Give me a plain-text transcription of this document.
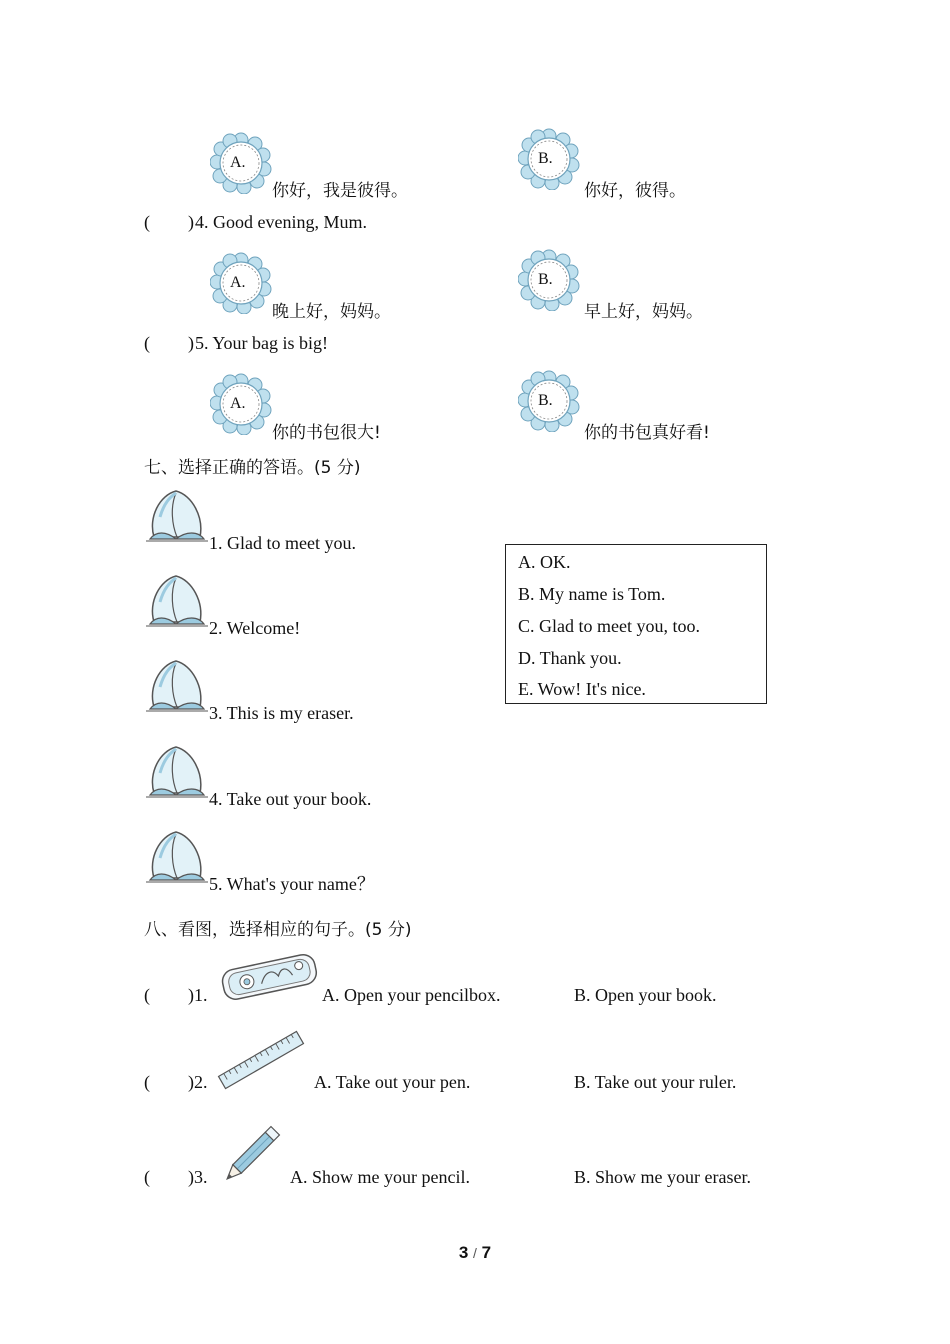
A.
你好，我是彼得。
B.
你好，彼得。
( ) 4. Good evening, Mum.
A.
晚上好，妈妈。
B.
早上好，妈妈。
( ) 5. Your bag is big!
A.
你的书包很大!
B.
你的书包真好看!
七、选择正确的答语。(5 分)
1. Glad to meet you.
2. Welcome!
3. This is my eraser.
4. Take out your book.
5. What's your name？
A. OK.
B. My name is Tom.
C. Glad to meet you, too.
D. Thank you.
E. Wow! It's nice.
八、看图，选择相应的句子。(5 分)
( )1.	A. Open your pencilbox.	B. Open your book.
( )2.	A. Take out your pen.	B. Take out your ruler.
( )3.	A. Show me your pencil.	B. Show me your eraser.
3 / 7
